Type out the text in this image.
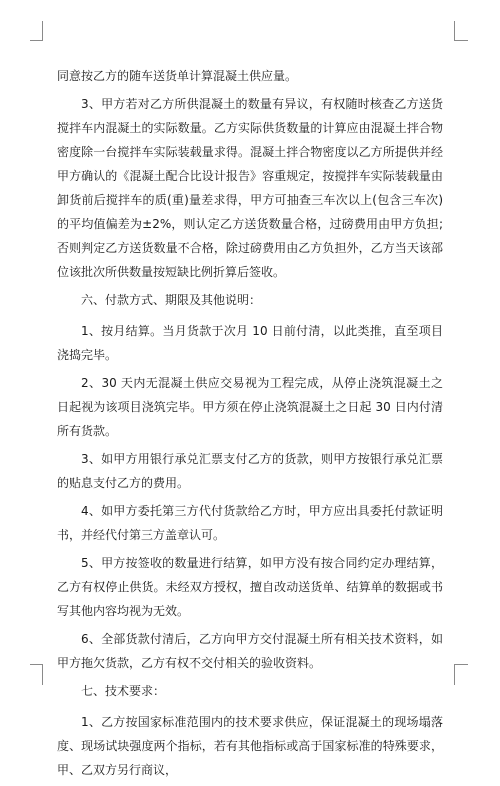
同意按乙方的随车送货单计算混凝土供应量。

3、甲方若对乙方所供混凝土的数量有异议，有权随时核查乙方送货搅拌车内混凝土的实际数量。乙方实际供货数量的计算应由混凝土拌合物密度除一台搅拌车实际装载量求得。混凝土拌合物密度以乙方所提供并经甲方确认的《混凝土配合比设计报告》容重规定，按搅拌车实际装载量由卸货前后搅拌车的质(重)量差求得，甲方可抽查三车次以上(包含三车次)的平均值偏差为±2%，则认定乙方送货数量合格，过磅费用由甲方负担;否则判定乙方送货数量不合格，除过磅费用由乙方负担外，乙方当天该部位该批次所供数量按短缺比例折算后签收。

六、付款方式、期限及其他说明：

1、按月结算。当月货款于次月 10 日前付清，以此类推，直至项目浇捣完毕。

2、30 天内无混凝土供应交易视为工程完成，从停止浇筑混凝土之日起视为该项目浇筑完毕。甲方须在停止浇筑混凝土之日起 30 日内付清所有货款。

3、如甲方用银行承兑汇票支付乙方的货款，则甲方按银行承兑汇票的贴息支付乙方的费用。

4、如甲方委托第三方代付货款给乙方时，甲方应出具委托付款证明书，并经代付第三方盖章认可。

5、甲方按签收的数量进行结算，如甲方没有按合同约定办理结算，乙方有权停止供货。未经双方授权，擅自改动送货单、结算单的数据或书写其他内容均视为无效。

6、全部货款付清后，乙方向甲方交付混凝土所有相关技术资料，如甲方拖欠货款，乙方有权不交付相关的验收资料。

七、技术要求：

1、乙方按国家标准范围内的技术要求供应，保证混凝土的现场塌落度、现场试块强度两个指标，若有其他指标或高于国家标准的特殊要求，甲、乙双方另行商议，
